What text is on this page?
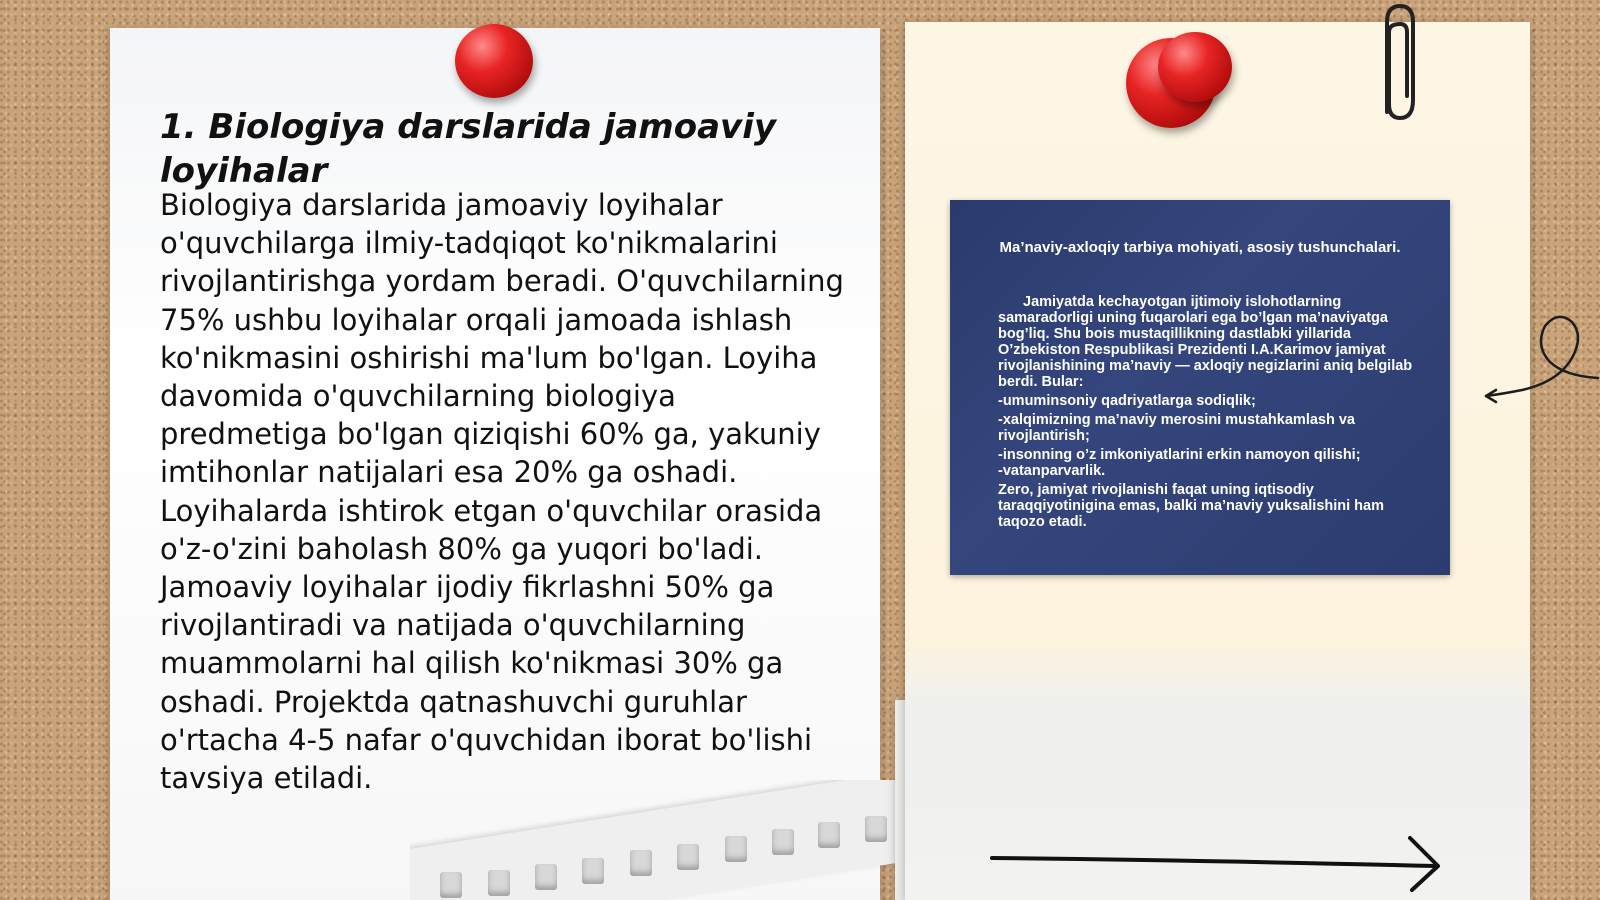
1. Biologiya darslarida jamoaviy loyihalar

Biologiya darslarida jamoaviy loyihalar o'quvchilarga ilmiy-tadqiqot ko'nikmalarini rivojlantirishga yordam beradi. O'quvchilarning 75% ushbu loyihalar orqali jamoada ishlash ko'nikmasini oshirishi ma'lum bo'lgan. Loyiha davomida o'quvchilarning biologiya predmetiga bo'lgan qiziqishi 60% ga, yakuniy imtihonlar natijalari esa 20% ga oshadi. Loyihalarda ishtirok etgan o'quvchilar orasida o'z-o'zini baholash 80% ga yuqori bo'ladi. Jamoaviy loyihalar ijodiy fikrlashni 50% ga rivojlantiradi va natijada o'quvchilarning muammolarni hal qilish ko'nikmasi 30% ga oshadi. Projektda qatnashuvchi guruhlar o'rtacha 4-5 nafar o'quvchidan iborat bo'lishi tavsiya etiladi.

Ma’naviy-axloqiy tarbiya mohiyati, asosiy tushunchalari.

Jamiyatda kechayotgan ijtimoiy islohotlarning samaradorligi uning fuqarolari ega bo’lgan ma’naviyatga bog’liq. Shu bois mustaqillikning dastlabki yillarida O’zbekiston Respublikasi Prezidenti I.A.Karimov jamiyat rivojlanishining ma’naviy — axloqiy negizlarini aniq belgilab berdi. Bular:

-umuminsoniy qadriyatlarga sodiqlik;

-xalqimizning ma’naviy merosini mustahkamlash va rivojlantirish;

-insonning o’z imkoniyatlarini erkin namoyon qilishi;
-vatanparvarlik.

Zero, jamiyat rivojlanishi faqat uning iqtisodiy taraqqiyotinigina emas, balki ma’naviy yuksalishini ham taqozo etadi.
